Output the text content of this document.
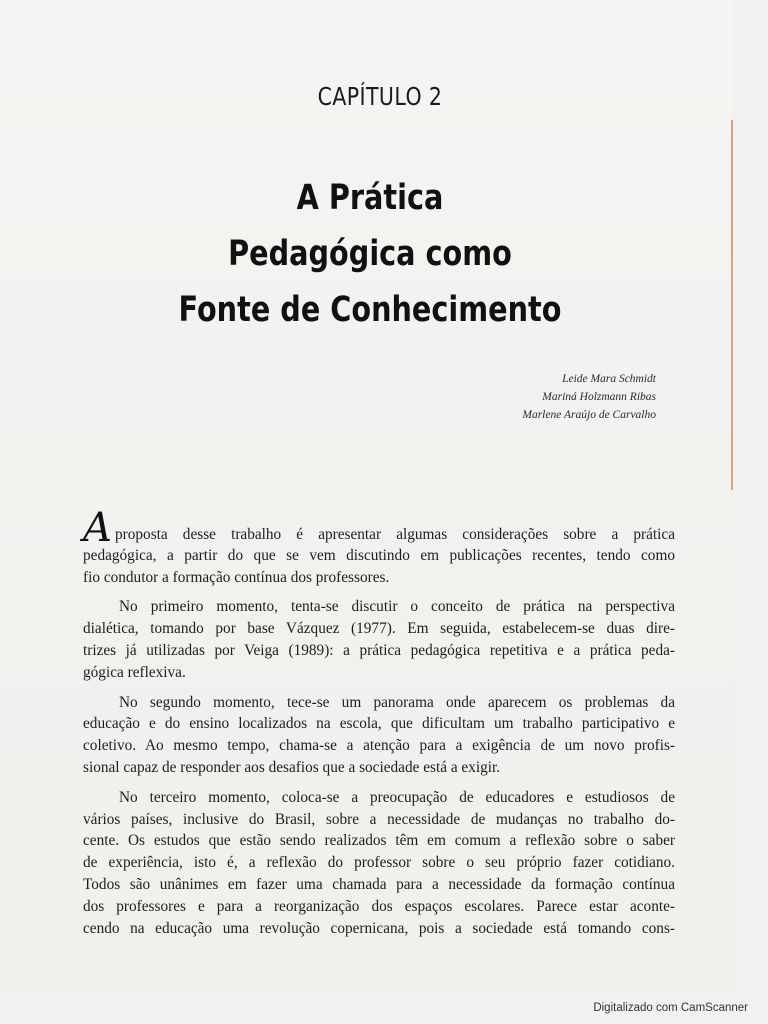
CAPÍTULO 2
A Prática
Pedagógica como
Fonte de Conhecimento
Leide Mara Schmidt
Mariná Holzmann Ribas
Marlene Araújo de Carvalho
Aproposta desse trabalho é apresentar algumas considerações sobre a prática
pedagógica, a partir do que se vem discutindo em publicações recentes, tendo como
fio condutor a formação contínua dos professores.
No primeiro momento, tenta-se discutir o conceito de prática na perspectiva
dialética, tomando por base Vázquez (1977). Em seguida, estabelecem-se duas dire-
trizes já utilizadas por Veiga (1989): a prática pedagógica repetitiva e a prática peda-
gógica reflexiva.
No segundo momento, tece-se um panorama onde aparecem os problemas da
educação e do ensino localizados na escola, que dificultam um trabalho participativo e
coletivo. Ao mesmo tempo, chama-se a atenção para a exigência de um novo profis-
sional capaz de responder aos desafios que a sociedade está a exigir.
No terceiro momento, coloca-se a preocupação de educadores e estudiosos de
vários países, inclusive do Brasil, sobre a necessidade de mudanças no trabalho do-
cente. Os estudos que estão sendo realizados têm em comum a reflexão sobre o saber
de experiência, isto é, a reflexão do professor sobre o seu próprio fazer cotidiano.
Todos são unânimes em fazer uma chamada para a necessidade da formação contínua
dos professores e para a reorganização dos espaços escolares. Parece estar aconte-
cendo na educação uma revolução copernicana, pois a sociedade está tomando cons-
Digitalizado com CamScanner
